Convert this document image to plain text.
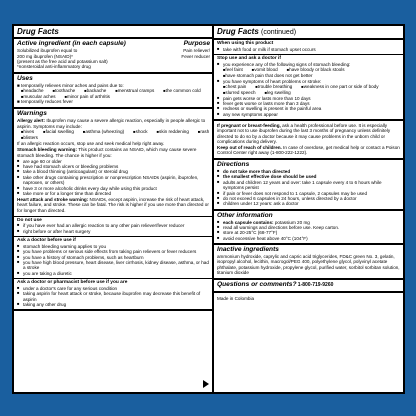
Drug Facts
Active ingredient (in each capsule)	Purpose
Solubilized ibuprofen equal to	Pain reliever/
200 mg ibuprofen (NSAID)*	Fever reducer
(present as the free acid and potassium salt)
*nonsteroidal anti-inflammatory drug
Uses
■ temporarily relieves minor aches and pains due to:
■ headache	■ toothache	■ backache	■ menstrual cramps	■ the common cold
■ muscular aches	■ minor pain of arthritis
■ temporarily reduces fever
Warnings
Allergy alert: Ibuprofen may cause a severe allergic reaction, especially in people allergic to aspirin. Symptoms may include:
■ hives	■ facial swelling	■ asthma (wheezing)	■ shock	■ skin reddening	■ rash
■ blisters
If an allergic reaction occurs, stop use and seek medical help right away.
Stomach bleeding warning: This product contains an NSAID, which may cause severe stomach bleeding. The chance is higher if you:
■ are age 60 or older
■ have had stomach ulcers or bleeding problems
■ take a blood thinning (anticoagulant) or steroid drug
■ take other drugs containing prescription or nonprescription NSAIDs (aspirin, ibuprofen, naproxen, or others)
■ have 3 or more alcoholic drinks every day while using this product
■ take more or for a longer time than directed
Heart attack and stroke warning: NSAIDs, except aspirin, increase the risk of heart attack, heart failure, and stroke. These can be fatal. The risk is higher if you use more than directed or for longer than directed.
Do not use
■ if you have ever had an allergic reaction to any other pain reliever/fever reducer
■ right before or after heart surgery
Ask a doctor before use if
■ stomach bleeding warning applies to you
■ you have problems or serious side effects from taking pain relievers or fever reducers
■ you have a history of stomach problems, such as heartburn
■ you have high blood pressure, heart disease, liver cirrhosis, kidney disease, asthma, or had a stroke
■ you are taking a diuretic
Ask a doctor or pharmacist before use if you are
■ under a doctor's care for any serious condition
■ taking aspirin for heart attack or stroke, because ibuprofen may decrease this benefit of aspirin
■ taking any other drug
Drug Facts (continued)
When using this product
■ take with food or milk if stomach upset occurs
Stop use and ask a doctor if
■ you experience any of the following signs of stomach bleeding:
■ feel faint	■ vomit blood	■ have bloody or black stools
■ have stomach pain that does not get better
■ you have symptoms of heart problems or stroke:
■ chest pain	■ trouble breathing	■ weakness in one part or side of body
■ slurred speech	■ leg swelling
■ pain gets worse or lasts more than 10 days
■ fever gets worse or lasts more than 3 days
■ redness or swelling is present in the painful area
■ any new symptoms appear
If pregnant or breast-feeding, ask a health professional before use. It is especially important not to use ibuprofen during the last 3 months of pregnancy unless definitely directed to do so by a doctor because it may cause problems in the unborn child or complications during delivery.
Keep out of reach of children. In case of overdose, get medical help or contact a Poison Control Center right away (1-800-222-1222).
Directions
■ do not take more than directed
■ the smallest effective dose should be used
■ adults and children 12 years and over: take 1 capsule every 4 to 6 hours while symptoms persist
■ if pain or fever does not respond to 1 capsule, 2 capsules may be used
■ do not exceed 6 capsules in 24 hours, unless directed by a doctor
■ children under 12 years: ask a doctor
Other information
■ each capsule contains: potassium 20 mg
■ read all warnings and directions before use. Keep carton.
■ store at 20-25°C (68-77°F)
■ avoid excessive heat above 40°C (104°F)
Inactive ingredients
ammonium hydroxide, caprylic and capric acid triglycerides, FD&C green No. 3, gelatin, isopropyl alcohol, lecithin, macrogol/PEG 400, polyethylene glycol, polyvinyl acetate phthalate, potassium hydroxide, propylene glycol, purified water, sorbitol sorbitan solution, titanium dioxide
Questions or comments? 1-800-719-9260
Made in Colombia
